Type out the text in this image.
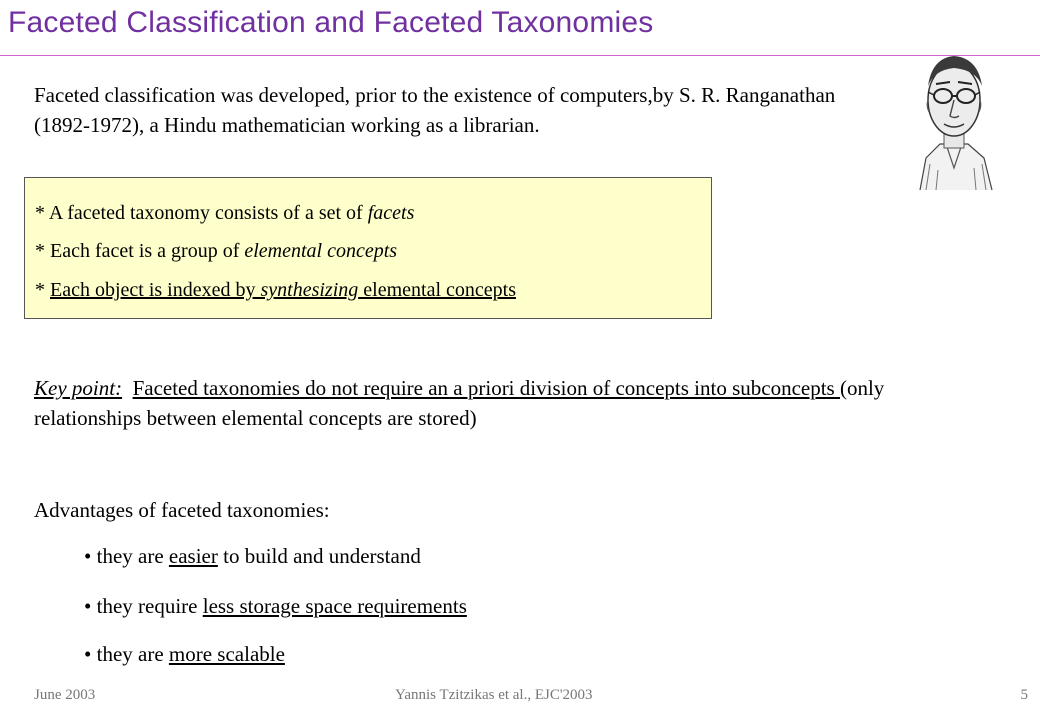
Faceted Classification and Faceted Taxonomies
Faceted classification was developed, prior to the existence of computers,by S. R. Ranganathan (1892-1972), a Hindu mathematician working as a librarian.
* A faceted taxonomy consists of a set of facets
* Each facet is a group of elemental concepts
* Each object is indexed by synthesizing elemental concepts
Key point: Faceted taxonomies do not require an a priori division of concepts into subconcepts (only relationships between elemental concepts are stored)
Advantages of faceted taxonomies:
• they are easier to build and understand
• they require less storage space requirements
• they are more scalable
June 2003	Yannis Tzitzikas et al., EJC'2003	5
